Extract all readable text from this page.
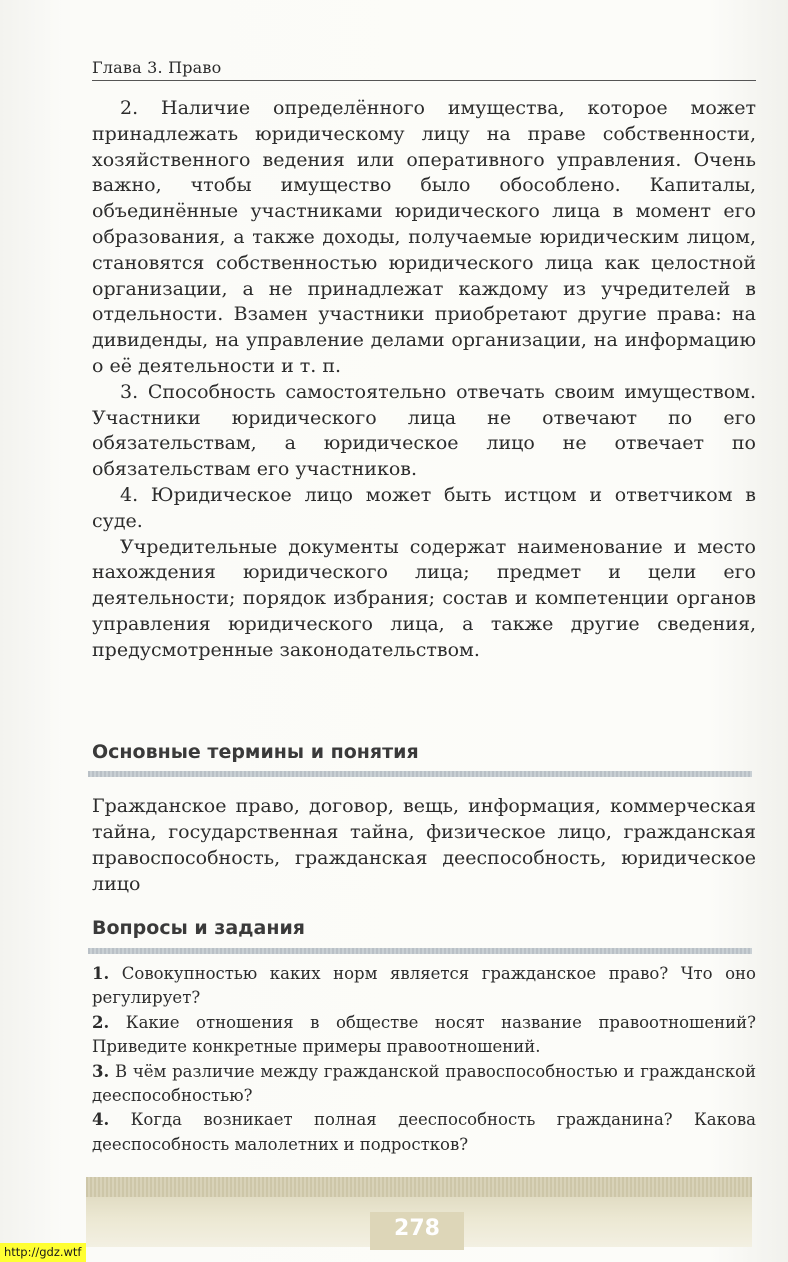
Глава 3. Право

2. Наличие определённого имущества, которое может принадлежать юридическому лицу на праве собственности, хозяйственного ведения или оперативного управления. Очень важно, чтобы имущество было обособлено. Капиталы, объединённые участниками юридического лица в момент его образования, а также доходы, получаемые юридическим лицом, становятся собственностью юридического лица как целостной организации, а не принадлежат каждому из учредителей в отдельности. Взамен участники приобретают другие права: на дивиденды, на управление делами организации, на информацию о её деятельности и т. п.

3. Способность самостоятельно отвечать своим имуществом. Участники юридического лица не отвечают по его обязательствам, а юридическое лицо не отвечает по обязательствам его участников.

4. Юридическое лицо может быть истцом и ответчиком в суде.

Учредительные документы содержат наименование и место нахождения юридического лица; предмет и цели его деятельности; порядок избрания; состав и компетенции органов управления юридического лица, а также другие сведения, предусмотренные законодательством.

Основные термины и понятия

Гражданское право, договор, вещь, информация, коммерческая тайна, государственная тайна, физическое лицо, гражданская правоспособность, гражданская дееспособность, юридическое лицо

Вопросы и задания

1. Совокупностью каких норм является гражданское право? Что оно регулирует?

2. Какие отношения в обществе носят название правоотношений? Приведите конкретные примеры правоотношений.

3. В чём различие между гражданской правоспособностью и гражданской дееспособностью?

4. Когда возникает полная дееспособность гражданина? Какова дееспособность малолетних и подростков?

278
http://gdz.wtf
